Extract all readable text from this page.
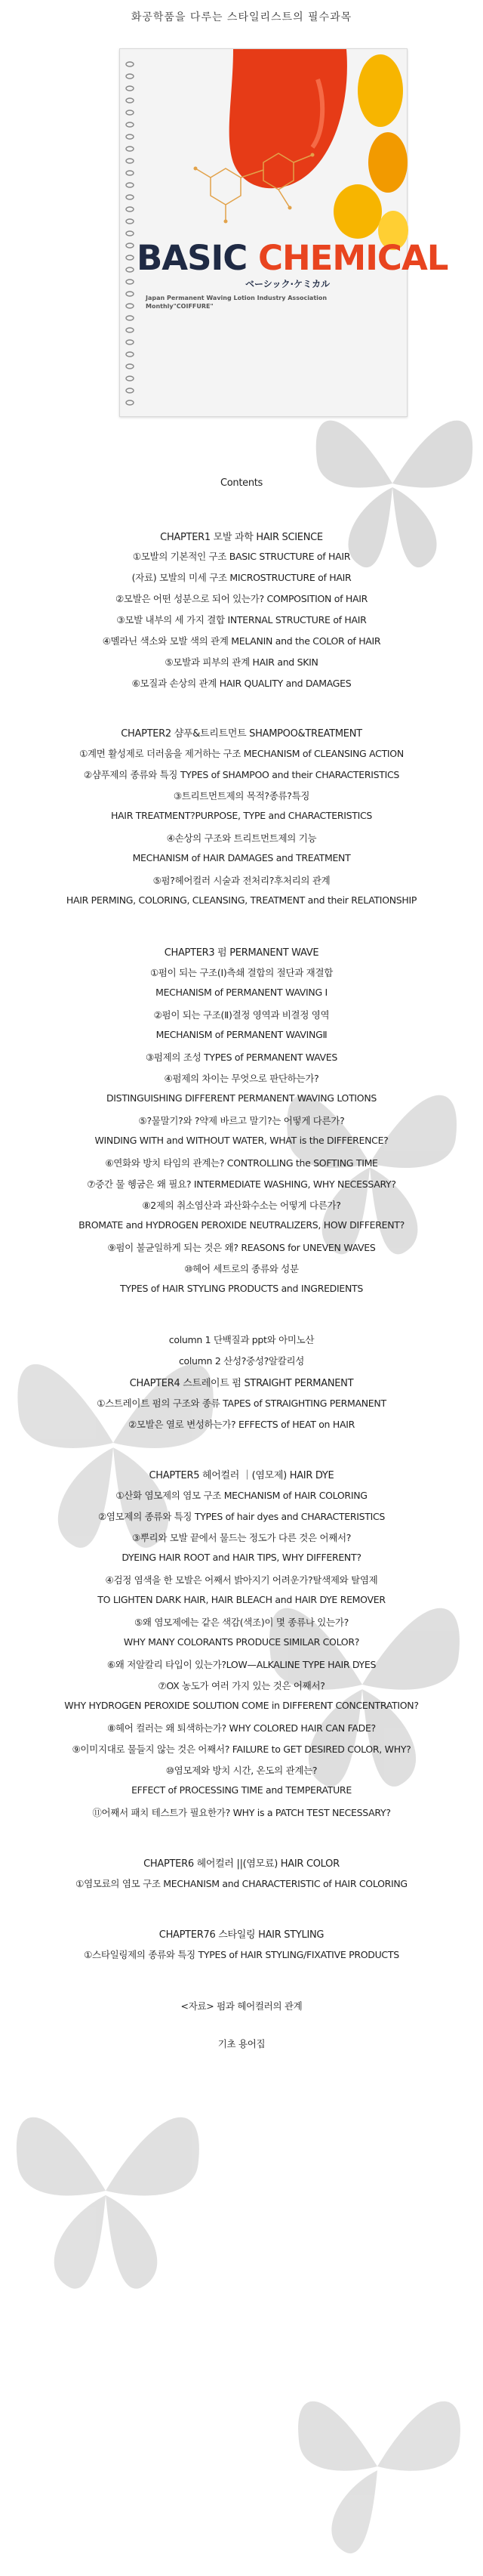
화공학품을 다루는 스타일리스트의 필수과목
BASIC CHEMICAL
ベーシック·ケミカル
Japan Permanent Waving Lotion Industry Association
Monthly"COIFFURE"
Contents
CHAPTER1 모발 과학 HAIR SCIENCE
①모발의 기본적인 구조 BASIC STRUCTURE of HAIR
(자료) 모발의 미세 구조 MICROSTRUCTURE of HAIR
②모발은 어떤 성분으로 되어 있는가? COMPOSITION of HAIR
③모발 내부의 세 가지 결합 INTERNAL STRUCTURE of HAIR
④멜라닌 색소와 모발 색의 관계 MELANIN and the COLOR of HAIR
⑤모발과 피부의 관계 HAIR and SKIN
⑥모질과 손상의 관계 HAIR QUALITY and DAMAGES
CHAPTER2 샴푸&트리트먼트 SHAMPOO&TREATMENT
①계면 활성제로 더러움을 제거하는 구조 MECHANISM of CLEANSING ACTION
②샴푸제의 종류와 특징 TYPES of SHAMPOO and their CHARACTERISTICS
③트리트먼트제의 목적?종류?특징
HAIR TREATMENT?PURPOSE, TYPE and CHARACTERISTICS
④손상의 구조와 트리트먼트제의 기능
MECHANISM of HAIR DAMAGES and TREATMENT
⑤펌?헤어컬러 시술과 전처리?후처리의 관계
HAIR PERMING, COLORING, CLEANSING, TREATMENT and their RELATIONSHIP
CHAPTER3 펌 PERMANENT WAVE
①펌이 되는 구조(Ⅰ)측쇄 결합의 절단과 재결합
MECHANISM of PERMANENT WAVING Ⅰ
②펌이 되는 구조(Ⅱ)결정 영역과 비결정 영역
MECHANISM of PERMANENT WAVINGⅡ
③펌제의 조성 TYPES of PERMANENT WAVES
④펌제의 차이는 무엇으로 판단하는가?
DISTINGUISHING DIFFERENT PERMANENT WAVING LOTIONS
⑤?물말기?와 ?약제 바르고 말기?는 어떻게 다른가?
WINDING WITH and WITHOUT WATER, WHAT is the DIFFERENCE?
⑥연화와 방치 타임의 관계는? CONTROLLING the SOFTING TIME
⑦중간 물 헹굼은 왜 필요? INTERMEDIATE WASHING, WHY NECESSARY?
⑧2제의 취소염산과 과산화수소는 어떻게 다른가?
BROMATE and HYDROGEN PEROXIDE NEUTRALIZERS, HOW DIFFERENT?
⑨펌이 불균일하게 되는 것은 왜? REASONS for UNEVEN WAVES
⑩헤어 세트로의 종류와 성분
TYPES of HAIR STYLING PRODUCTS and INGREDIENTS
column 1 단백질과 ppt와 아미노산
column 2 산성?중성?알칼리성
CHAPTER4 스트레이트 펌 STRAIGHT PERMANENT
①스트레이트 펌의 구조와 종류 TAPES of STRAIGHTING PERMANENT
②모발은 열로 변성하는가? EFFECTS of HEAT on HAIR
CHAPTER5 헤어컬러 ｜(염모제) HAIR DYE
①산화 염모제의 염모 구조 MECHANISM of HAIR COLORING
②염모제의 종류와 특징 TYPES of hair dyes and CHARACTERISTICS
③뿌리와 모발 끝에서 물드는 정도가 다른 것은 어째서?
DYEING HAIR ROOT and HAIR TIPS, WHY DIFFERENT?
④검정 염색을 한 모발은 어째서 밝아지기 어려운가?탈색제와 탈염제
TO LIGHTEN DARK HAIR, HAIR BLEACH and HAIR DYE REMOVER
⑤왜 염모제에는 같은 색감(색조)이 몇 종류나 있는가?
WHY MANY COLORANTS PRODUCE SIMILAR COLOR?
⑥왜 저알칼리 타입이 있는가?LOW—ALKALINE TYPE HAIR DYES
⑦OX 농도가 여러 가지 있는 것은 어째서?
WHY HYDROGEN PEROXIDE SOLUTION COME in DIFFERENT CONCENTRATION?
⑧헤어 컬러는 왜 퇴색하는가? WHY COLORED HAIR CAN FADE?
⑨이미지대로 물들지 않는 것은 어째서? FAILURE to GET DESIRED COLOR, WHY?
⑩염모제와 방치 시간, 온도의 관계는?
EFFECT of PROCESSING TIME and TEMPERATURE
⑪어째서 패치 테스트가 필요한가? WHY is a PATCH TEST NECESSARY?
CHAPTER6 헤어컬러 ||(염모료) HAIR COLOR
①염모료의 염모 구조 MECHANISM and CHARACTERISTIC of HAIR COLORING
CHAPTER76 스타일링 HAIR STYLING
①스타일링제의 종류와 특징 TYPES of HAIR STYLING/FIXATIVE PRODUCTS
<자료> 펌과 헤어컬러의 관계
기초 용어집
